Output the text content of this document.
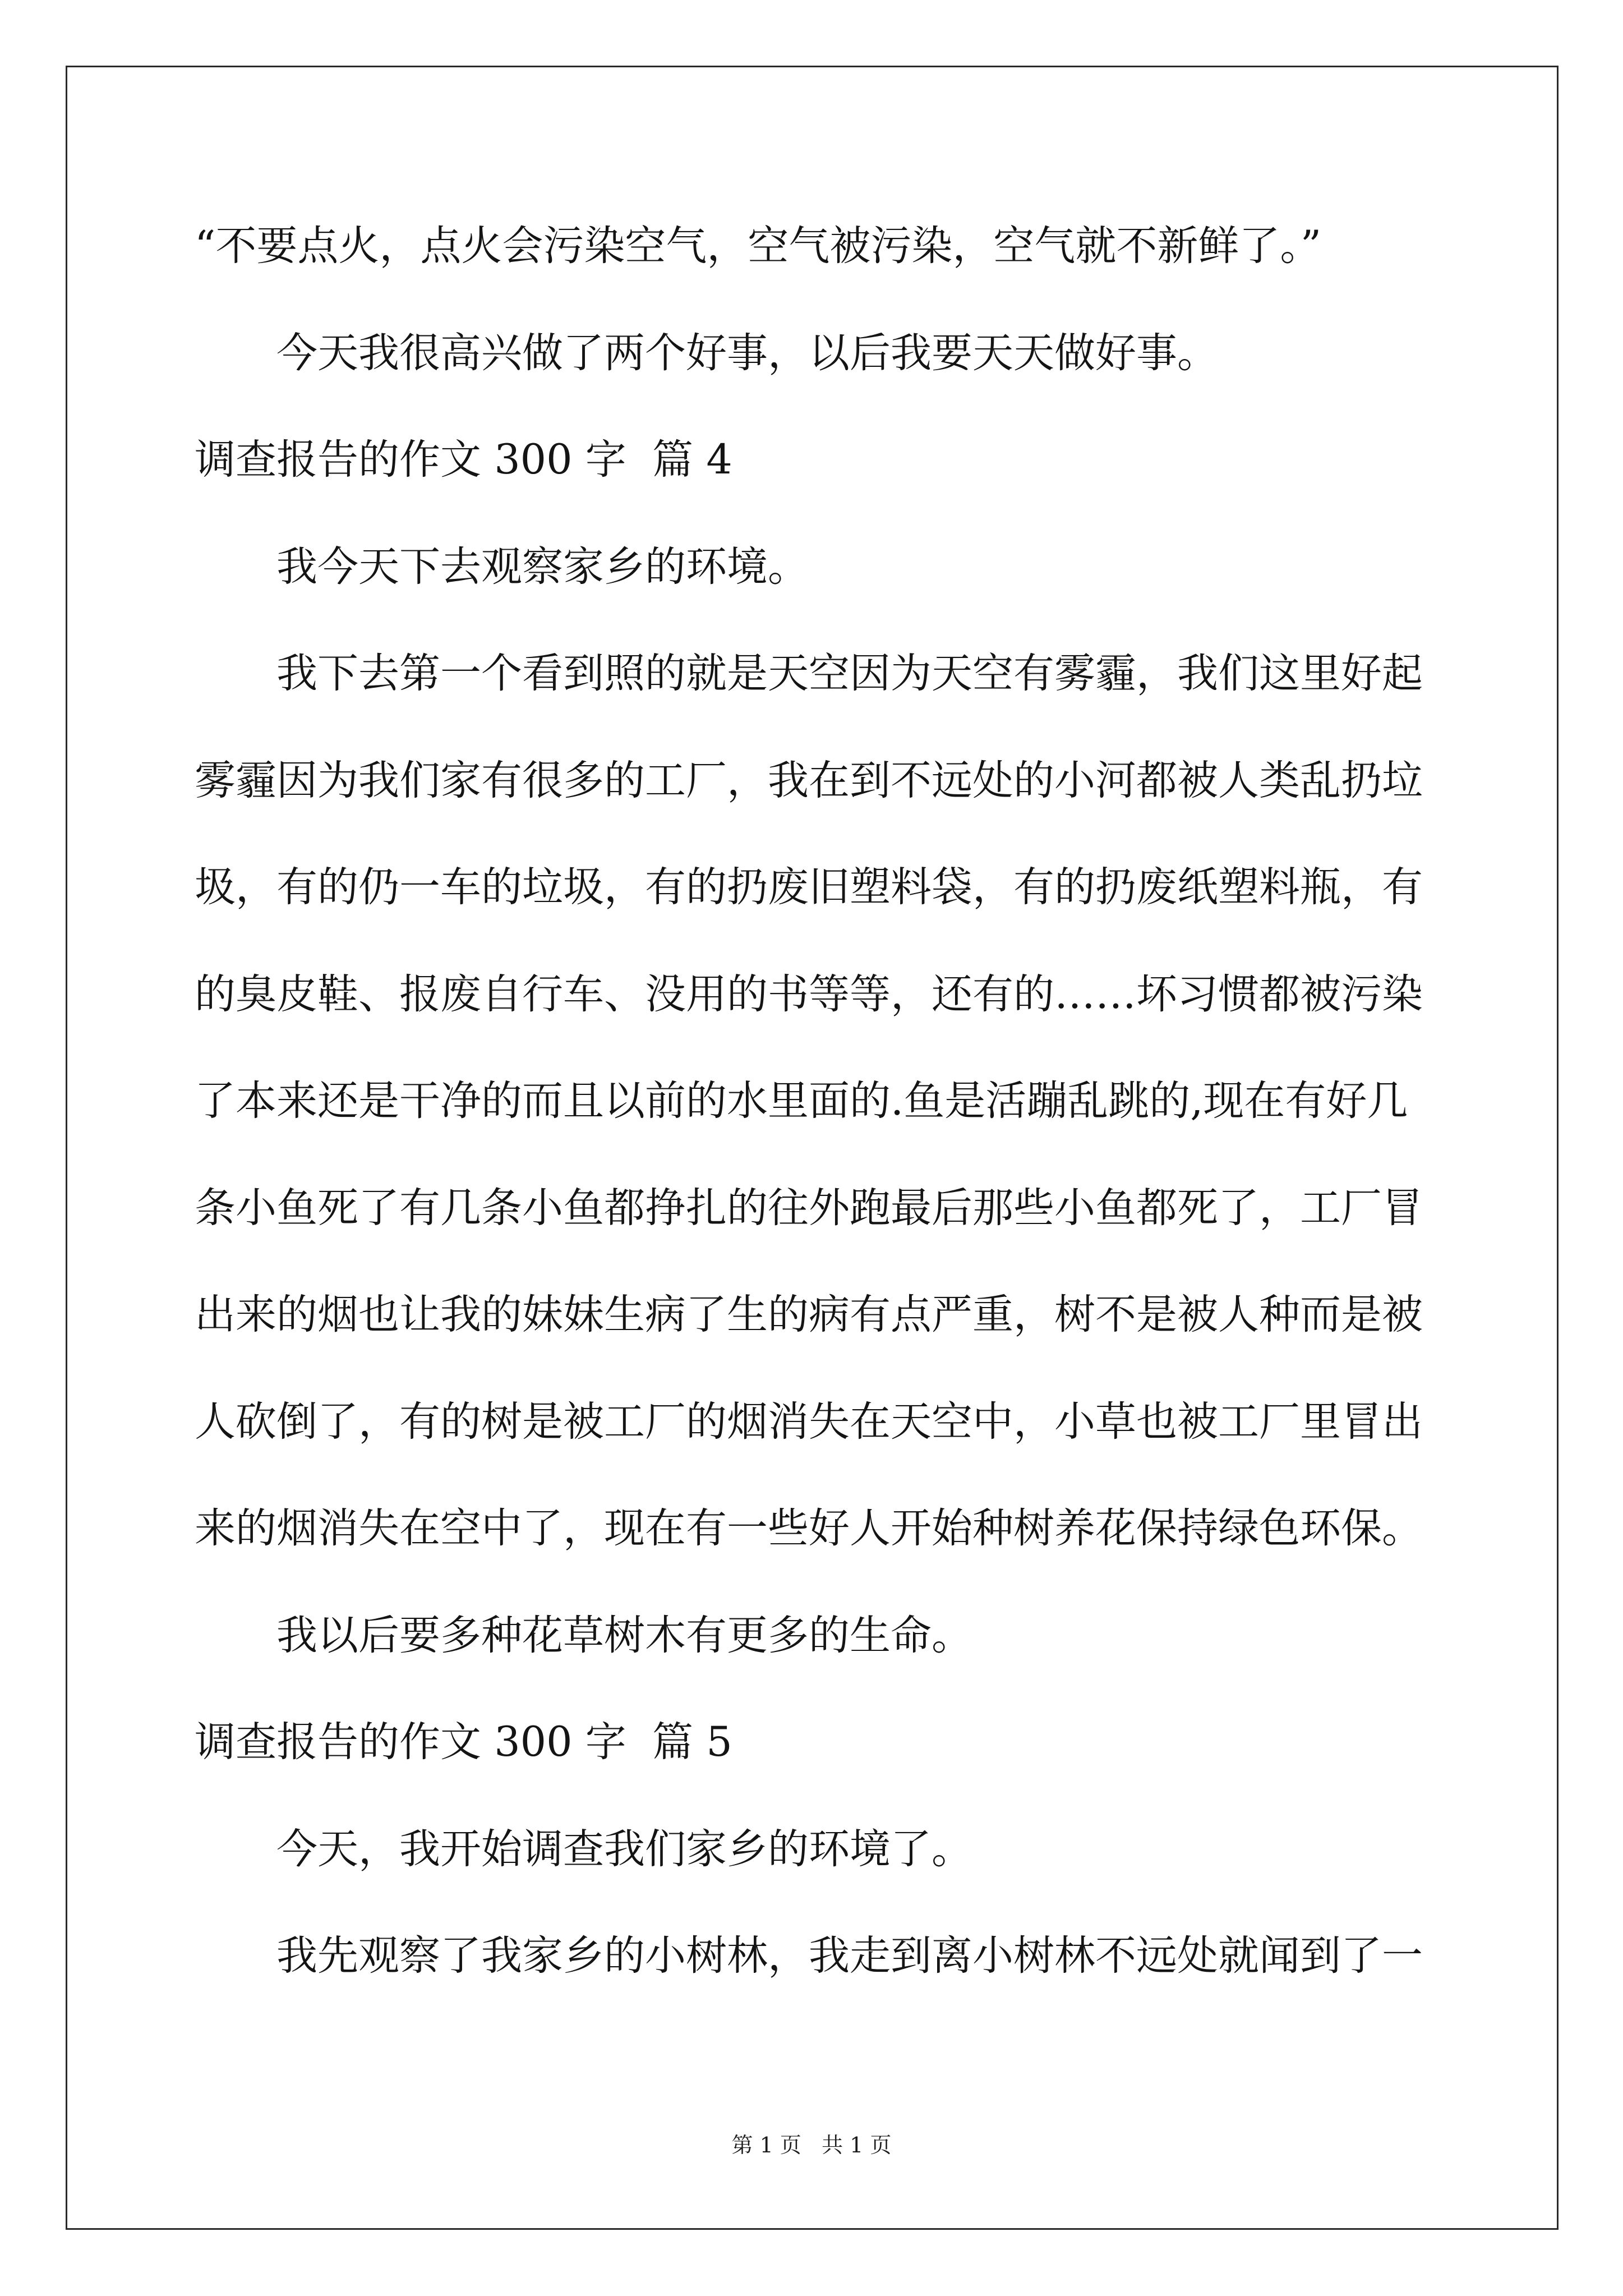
“不要点火，点火会污染空气，空气被污染，空气就不新鲜了。”
今天我很高兴做了两个好事，以后我要天天做好事。
调查报告的作文 300 字  篇 4
我今天下去观察家乡的环境。
我下去第一个看到照的就是天空因为天空有雾霾，我们这里好起
雾霾因为我们家有很多的工厂，我在到不远处的小河都被人类乱扔垃
圾，有的仍一车的垃圾，有的扔废旧塑料袋，有的扔废纸塑料瓶，有
的臭皮鞋、报废自行车、没用的书等等，还有的……坏习惯都被污染
了本来还是干净的而且以前的水里面的.鱼是活蹦乱跳的,现在有好几
条小鱼死了有几条小鱼都挣扎的往外跑最后那些小鱼都死了，工厂冒
出来的烟也让我的妹妹生病了生的病有点严重，树不是被人种而是被
人砍倒了，有的树是被工厂的烟消失在天空中，小草也被工厂里冒出
来的烟消失在空中了，现在有一些好人开始种树养花保持绿色环保。
我以后要多种花草树木有更多的生命。
调查报告的作文 300 字  篇 5
今天，我开始调查我们家乡的环境了。
我先观察了我家乡的小树林，我走到离小树林不远处就闻到了一
第 1 页   共 1 页
